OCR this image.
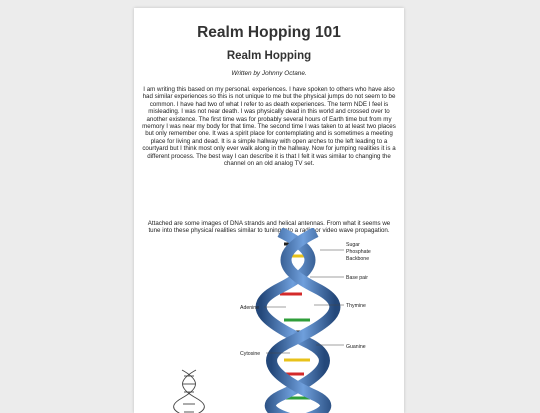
Realm Hopping 101
Realm Hopping
Written by Johnny Octane.
I am writing this based on my personal. experiences. I have spoken to others who have also had similar experiences so this is not unique to me but the physical jumps do not seem to be common. I have had two of what I refer to as death experiences. The term NDE I feel is misleading. I was not near death. I was physically dead in this world and crossed over to another existence. The first time was for probably several hours of Earth time but from my memory I was near my body for that time. The second time I was taken to at least two places but only remember one. It was a spirit place for contemplating and is sometimes a meeting place for living and dead. It is a simple hallway with open arches to the left leading to a courtyard but I think most only ever walk along in the hallway. Now for jumping realities it is a different process. The best way I can describe it is that I felt it was similar to changing the channel on an old analog TV set.
Attached are some images of DNA strands and helical antennas. From what it seems we tune into these physical realities similar to tuning into a radio or video wave propagation.
Sugar
Phosphate
Backbone
Base pair
Thymine
Guanine
Adenine
Cytosine
